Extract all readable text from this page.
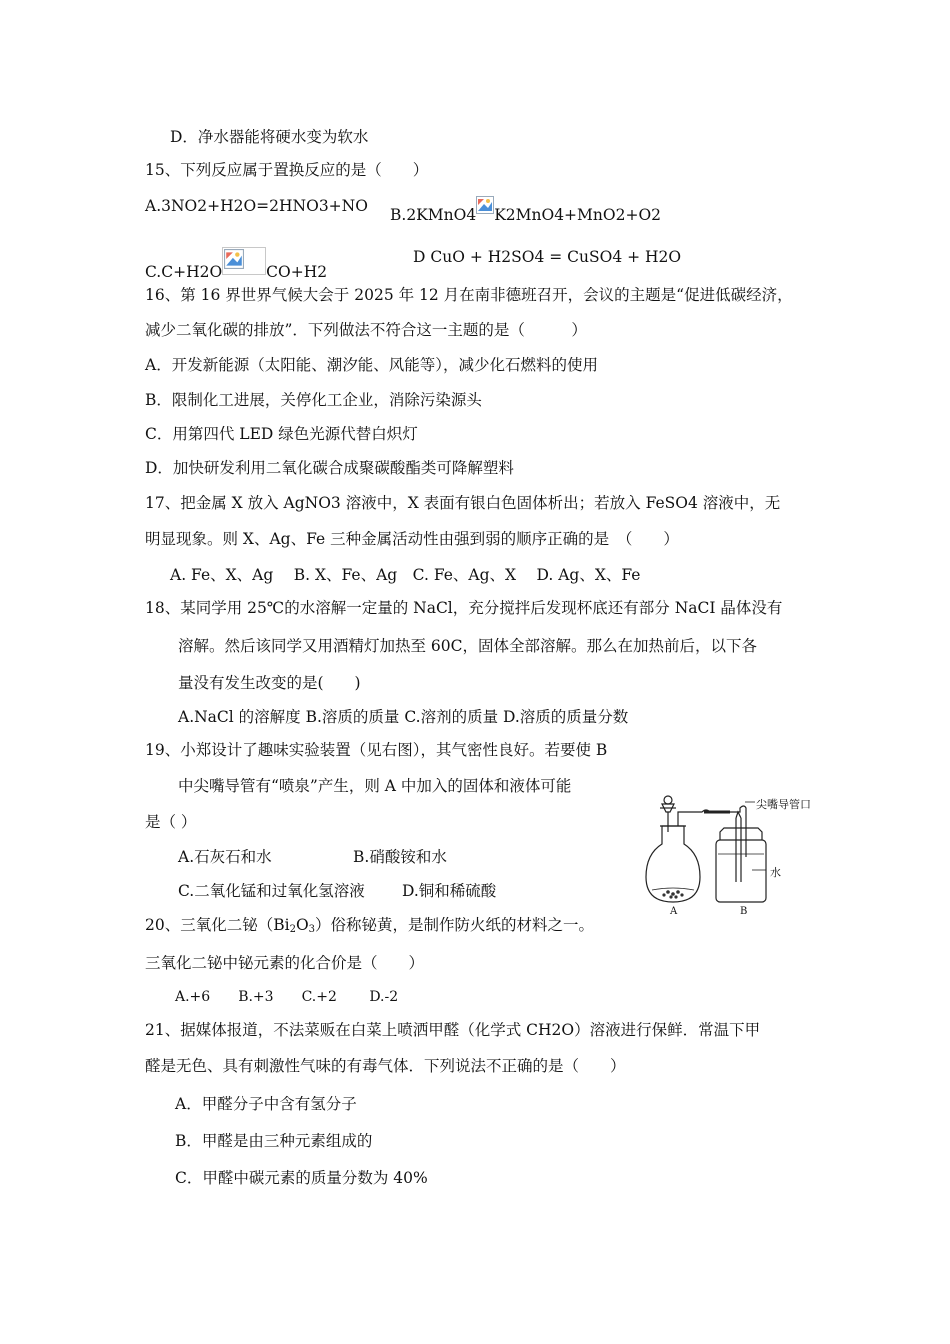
D．净水器能将硬水变为软水
15、下列反应属于置换反应的是（　　）
A.3NO2+H2O=2HNO3+NO B.2KMnO4 K2MnO4+MnO2+O2
C.C+H2O	CO+H2
D CuO + H2SO4 = CuSO4 + H2O
16、第 16 界世界气候大会于 2025 年 12 月在南非德班召开，会议的主题是“促进低碳经济，
减少二氧化碳的排放”．下列做法不符合这一主题的是（　　　）
A．开发新能源（太阳能、潮汐能、风能等），减少化石燃料的使用
B．限制化工进展，关停化工企业，消除污染源头
C．用第四代 LED 绿色光源代替白炽灯
D．加快研发利用二氧化碳合成聚碳酸酯类可降解塑料
17、把金属 X 放入 AgNO3 溶液中，X 表面有银白色固体析出；若放入 FeSO4 溶液中，无
明显现象。则 X、Ag、Fe 三种金属活动性由强到弱的顺序正确的是　（　　）
A. Fe、X、Ag　 B. X、Fe、Ag　C. Fe、Ag、X　 D. Ag、X、Fe
18、某同学用 25℃的水溶解一定量的 NaCl，充分搅拌后发现杯底还有部分 NaCI 晶体没有
溶解。然后该同学又用酒精灯加热至 60C，固体全部溶解。那么在加热前后，以下各
量没有发生改变的是(　　)
A.NaCl 的溶解度 B.溶质的质量 C.溶剂的质量 D.溶质的质量分数
19、小郑设计了趣味实验装置（见右图），其气密性良好。若要使 B
中尖嘴导管有“喷泉”产生，则 A 中加入的固体和液体可能
是（ ）
A.石灰石和水	B.硝酸铵和水
C.二氧化锰和过氧化氢溶液 D.铜和稀硫酸
尖嘴导管口
水
A	B
20、三氧化二铋$(Bi_2O_3)$俗称铋黄，是制作防火纸的材料之一。
三氧化二铋中铋元素的化合价是（　　）
A.+6　　B.+3　　C.+2　　 D.-2
21、据媒体报道，不法菜贩在白菜上喷洒甲醛（化学式 CH2O）溶液进行保鲜．常温下甲
醛是无色、具有刺激性气味的有毒气体．下列说法不正确的是（　　）
A．甲醛分子中含有氢分子
B．甲醛是由三种元素组成的
C．甲醛中碳元素的质量分数为 40%
